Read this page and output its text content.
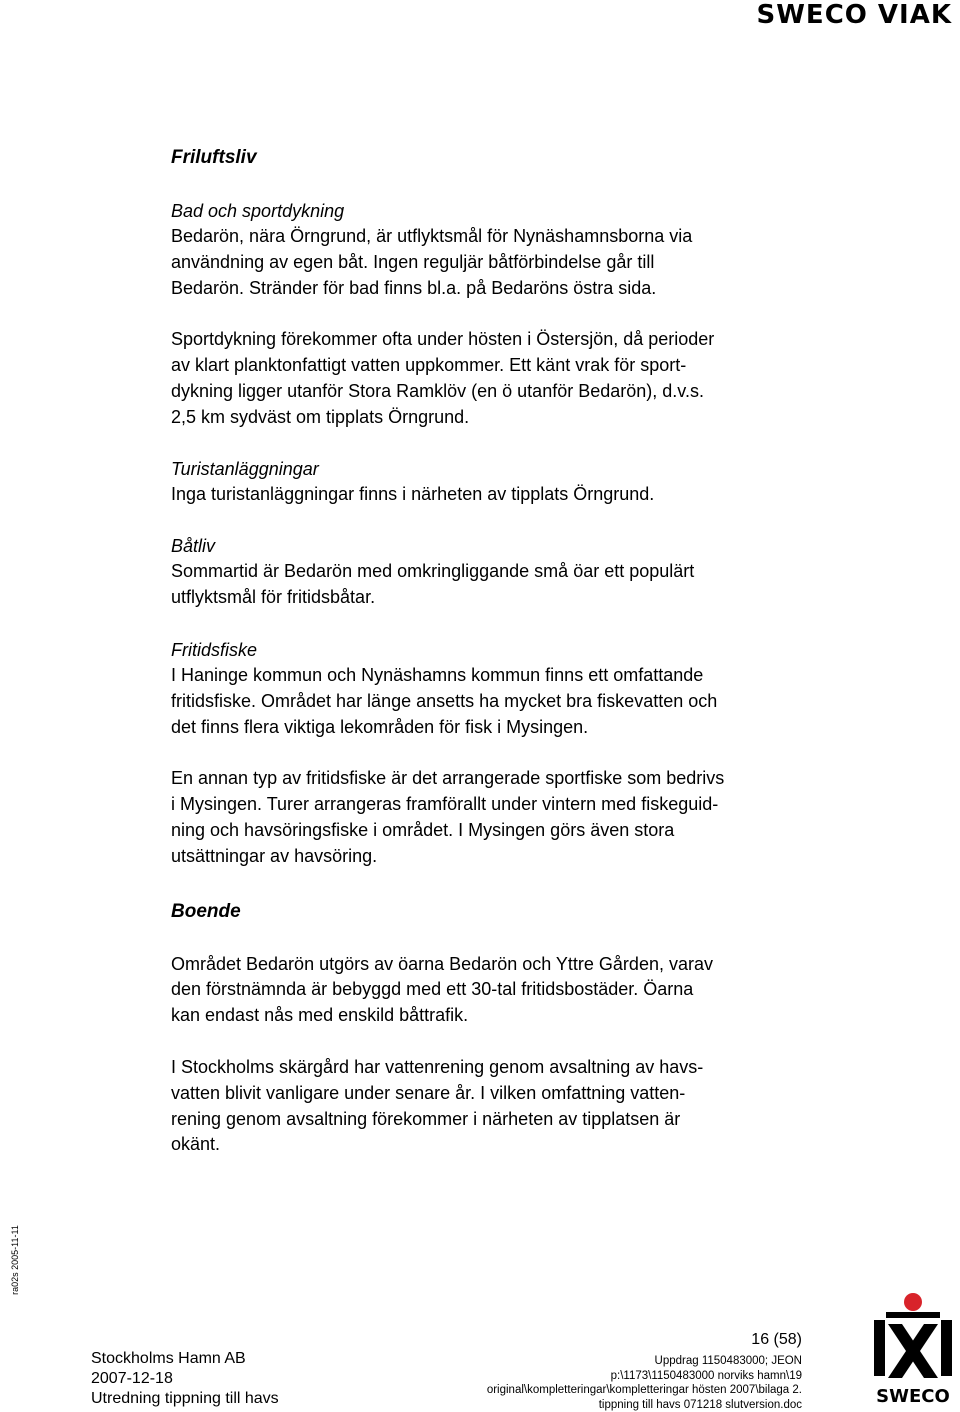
SWECO VIAK
Friluftsliv
Bad och sportdykning

Bedarön, nära Örngrund, är utflyktsmål för Nynäshamnsborna via
användning av egen båt. Ingen reguljär båtförbindelse går till
Bedarön. Stränder för bad finns bl.a. på Bedaröns östra sida.

Sportdykning förekommer ofta under hösten i Östersjön, då perioder
av klart planktonfattigt vatten uppkommer. Ett känt vrak för sport-
dykning ligger utanför Stora Ramklöv (en ö utanför Bedarön), d.v.s.
2,5 km sydväst om tipplats Örngrund.

Turistanläggningar

Inga turistanläggningar finns i närheten av tipplats Örngrund.

Båtliv

Sommartid är Bedarön med omkringliggande små öar ett populärt
utflyktsmål för fritidsbåtar.

Fritidsfiske

I Haninge kommun och Nynäshamns kommun finns ett omfattande
fritidsfiske. Området har länge ansetts ha mycket bra fiskevatten och
det finns flera viktiga lekområden för fisk i Mysingen.

En annan typ av fritidsfiske är det arrangerade sportfiske som bedrivs
i Mysingen. Turer arrangeras framförallt under vintern med fiskeguid-
ning och havsöringsfiske i området. I Mysingen görs även stora
utsättningar av havsöring.

Boende

Området Bedarön utgörs av öarna Bedarön och Yttre Gården, varav
den förstnämnda är bebyggd med ett 30-tal fritidsbostäder. Öarna
kan endast nås med enskild båttrafik.

I Stockholms skärgård har vattenrening genom avsaltning av havs-
vatten blivit vanligare under senare år. I vilken omfattning vatten-
rening genom avsaltning förekommer i närheten av tipplatsen är
okänt.

ra02s 2005-11-11
Stockholms Hamn AB
2007-12-18
Utredning tippning till havs
16 (58)
Uppdrag 1150483000; JEON
p:\1173\1150483000 norviks hamn\19
original\kompletteringar\kompletteringar hösten 2007\bilaga 2.
tippning till havs 071218 slutversion.doc	SWECO
